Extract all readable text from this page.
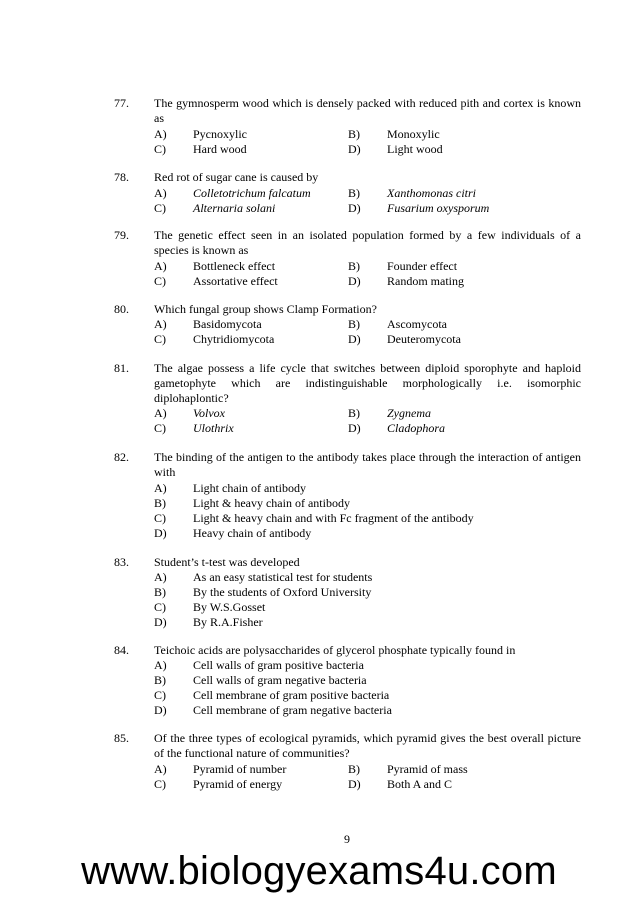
77. The gymnosperm wood which is densely packed with reduced pith and cortex is known as
A) Pycnoxylic	B) Monoxylic
C) Hard wood	D) Light wood
78. Red rot of sugar cane is caused by
A) Colletotrichum falcatum	B) Xanthomonas citri
C) Alternaria solani	D) Fusarium oxysporum
79. The genetic effect seen in an isolated population formed by a few individuals of a species is known as
A) Bottleneck effect	B) Founder effect
C) Assortative effect	D) Random mating
80. Which fungal group shows Clamp Formation?
A) Basidomycota	B) Ascomycota
C) Chytridiomycota	D) Deuteromycota
81. The algae possess a life cycle that switches between diploid sporophyte and haploid gametophyte which are indistinguishable morphologically i.e. isomorphic diplohaplontic?
A) Volvox	B) Zygnema
C) Ulothrix	D) Cladophora
82. The binding of the antigen to the antibody takes place through the interaction of antigen with
A) Light chain of antibody
B) Light & heavy chain of antibody
C) Light & heavy chain and with Fc fragment of the antibody
D) Heavy chain of antibody
83. Student’s t-test was developed
A) As an easy statistical test for students
B) By the students of Oxford University
C) By W.S.Gosset
D) By R.A.Fisher
84. Teichoic acids are polysaccharides of glycerol phosphate typically found in
A) Cell walls of gram positive bacteria
B) Cell walls of gram negative bacteria
C) Cell membrane of gram positive bacteria
D) Cell membrane of gram negative bacteria
85. Of the three types of ecological pyramids, which pyramid gives the best overall picture of the functional nature of communities?
A) Pyramid of number	B) Pyramid of mass
C) Pyramid of energy	D) Both A and C
9
www.biologyexams4u.com
